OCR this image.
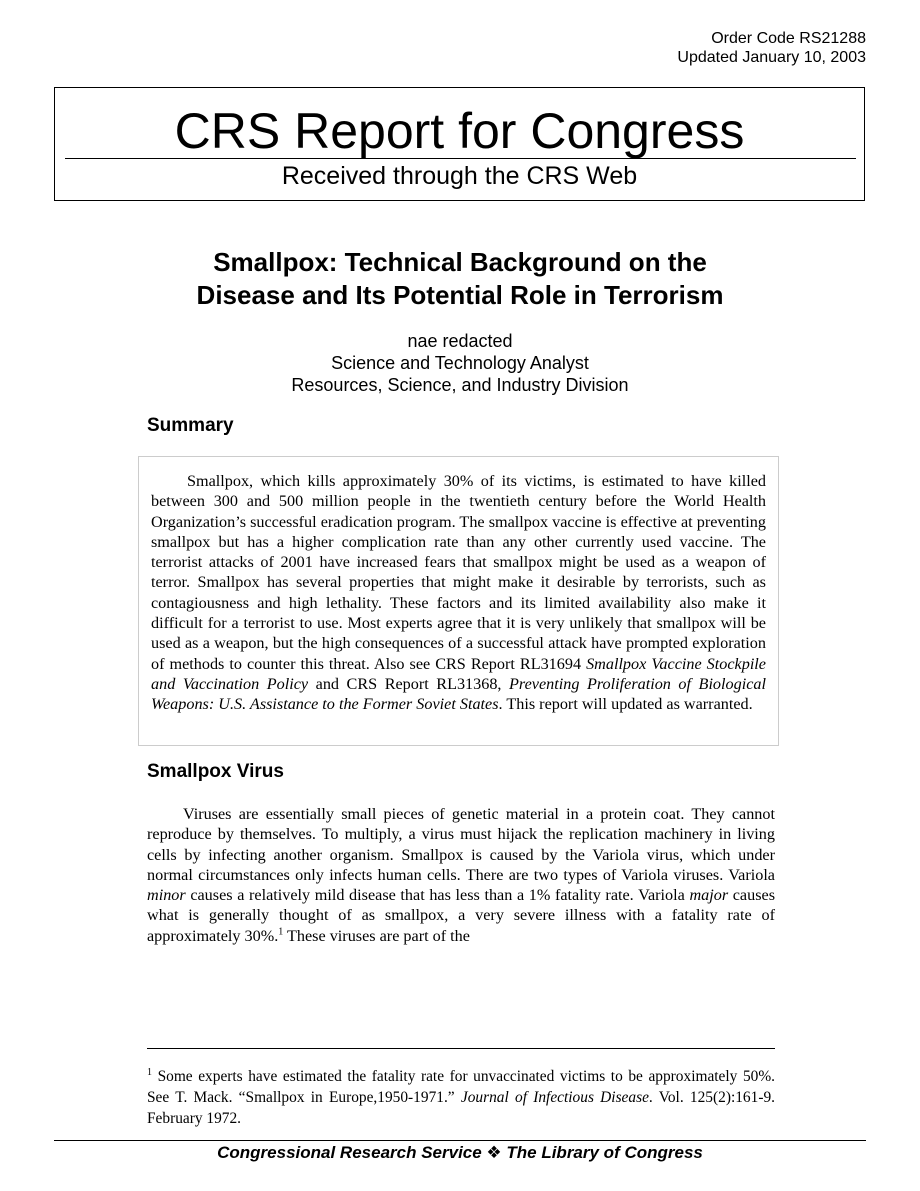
Order Code RS21288
Updated January 10, 2003
CRS Report for Congress
Received through the CRS Web
Smallpox: Technical Background on the
Disease and Its Potential Role in Terrorism
nae redacted
Science and Technology Analyst
Resources, Science, and Industry Division
Summary

Smallpox, which kills approximately 30% of its victims, is estimated to have killed between 300 and 500 million people in the twentieth century before the World Health Organization’s successful eradication program. The smallpox vaccine is effective at preventing smallpox but has a higher complication rate than any other currently used vaccine. The terrorist attacks of 2001 have increased fears that smallpox might be used as a weapon of terror. Smallpox has several properties that might make it desirable by terrorists, such as contagiousness and high lethality. These factors and its limited availability also make it difficult for a terrorist to use. Most experts agree that it is very unlikely that smallpox will be used as a weapon, but the high consequences of a successful attack have prompted exploration of methods to counter this threat. Also see CRS Report RL31694 Smallpox Vaccine Stockpile and Vaccination Policy and CRS Report RL31368, Preventing Proliferation of Biological Weapons: U.S. Assistance to the Former Soviet States. This report will updated as warranted.

Smallpox Virus

Viruses are essentially small pieces of genetic material in a protein coat. They cannot reproduce by themselves. To multiply, a virus must hijack the replication machinery in living cells by infecting another organism. Smallpox is caused by the Variola virus, which under normal circumstances only infects human cells. There are two types of Variola viruses. Variola minor causes a relatively mild disease that has less than a 1% fatality rate. Variola major causes what is generally thought of as smallpox, a very severe illness with a fatality rate of approximately 30%.$^1$ These viruses are part of the

$^1$ Some experts have estimated the fatality rate for unvaccinated victims to be approximately 50%. See T. Mack. “Smallpox in Europe,1950-1971.” Journal of Infectious Disease. Vol. 125(2):161-9. February 1972.

Congressional Research Service ❖ The Library of Congress
